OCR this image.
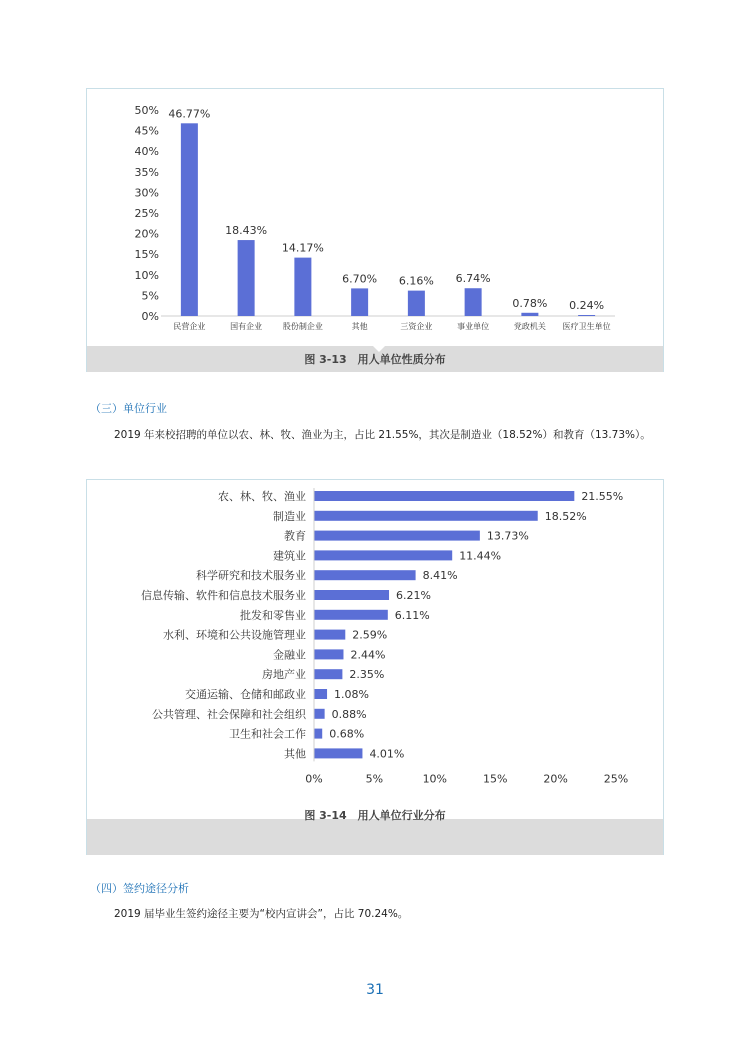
0%
5%
10%
15%
20%
25%
30%
35%
40%
45%
50% 46.77%
民营企业
18.43%
国有企业
14.17%
股份制企业
6.70%
其他
6.16%
三资企业
6.74%
事业单位
0.78%
党政机关
0.24%
医疗卫生单位
图 3-13　用人单位性质分布
（三）单位行业
2019 年来校招聘的单位以农、林、牧、渔业为主，占比 21.55%，其次是制造业（18.52%）和教育（13.73%）。
农、林、牧、渔业	21.55%
制造业	18.52%
教育	13.73%
建筑业	11.44%
科学研究和技术服务业	8.41%
信息传输、软件和信息技术服务业	6.21%
批发和零售业	6.11%
水利、环境和公共设施管理业	2.59%
金融业	2.44%
房地产业	2.35%
交通运输、仓储和邮政业	1.08%
公共管理、社会保障和社会组织 0.88%
卫生和社会工作 0.68%
其他	4.01%
0%	5%	10%	15%	20%	25%
图 3-14　用人单位行业分布
（四）签约途径分析
2019 届毕业生签约途径主要为“校内宣讲会”，占比 70.24%。
31
